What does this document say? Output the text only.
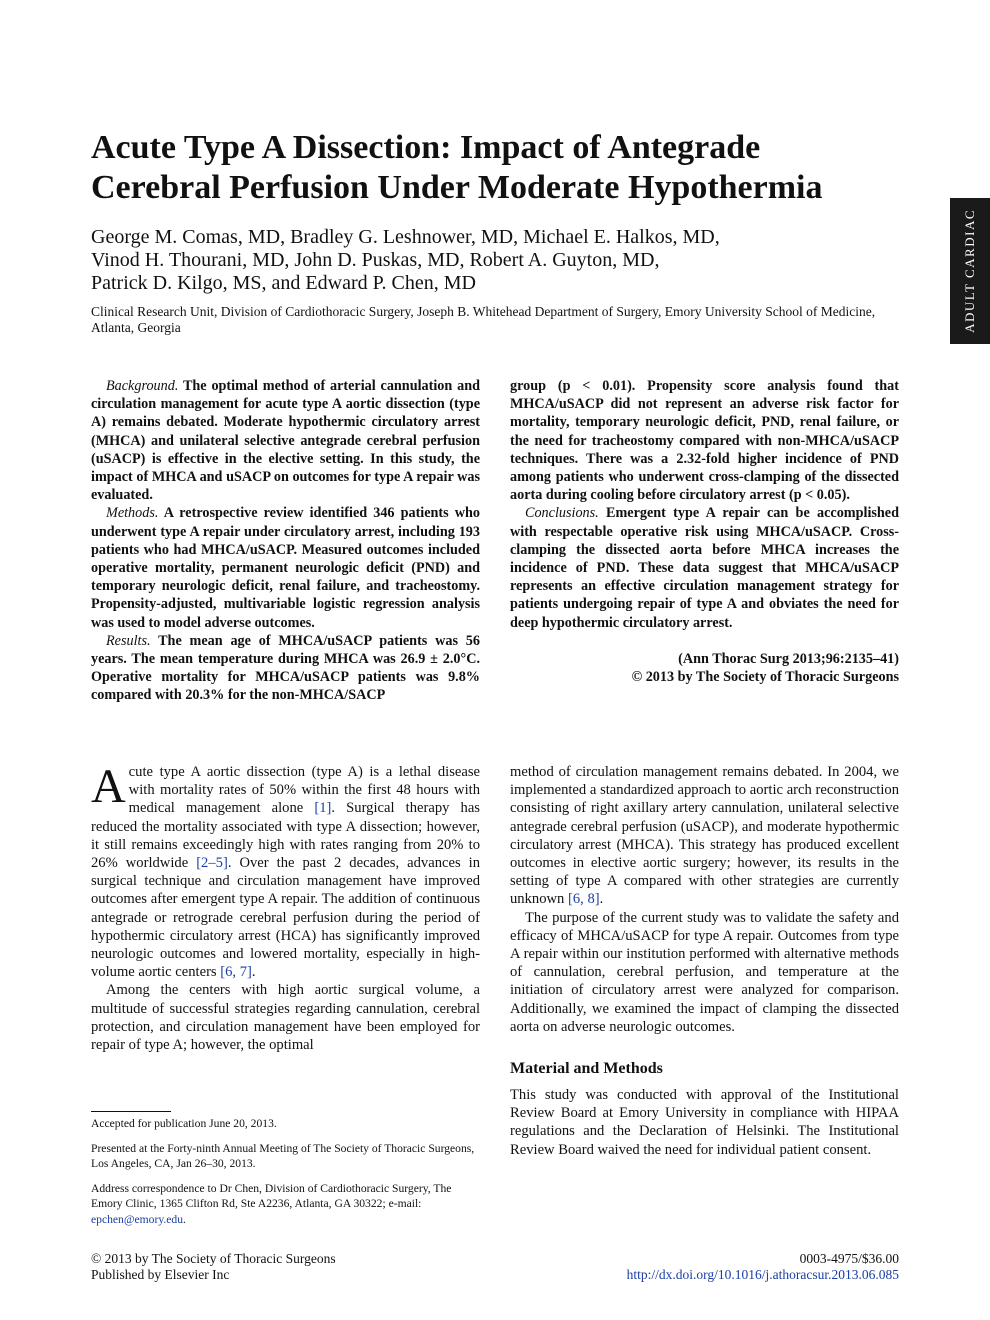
Acute Type A Dissection: Impact of Antegrade Cerebral Perfusion Under Moderate Hypothermia
George M. Comas, MD, Bradley G. Leshnower, MD, Michael E. Halkos, MD,
Vinod H. Thourani, MD, John D. Puskas, MD, Robert A. Guyton, MD,
Patrick D. Kilgo, MS, and Edward P. Chen, MD
Clinical Research Unit, Division of Cardiothoracic Surgery, Joseph B. Whitehead Department of Surgery, Emory University School of Medicine, Atlanta, Georgia	ADULT CARDIAC

Background. The optimal method of arterial cannulation and circulation management for acute type A aortic dissection (type A) remains debated. Moderate hypothermic circulatory arrest (MHCA) and unilateral selective antegrade cerebral perfusion (uSACP) is effective in the elective setting. In this study, the impact of MHCA and uSACP on outcomes for type A repair was evaluated.

Methods. A retrospective review identified 346 patients who underwent type A repair under circulatory arrest, including 193 patients who had MHCA/uSACP. Measured outcomes included operative mortality, permanent neurologic deficit (PND) and temporary neurologic deficit, renal failure, and tracheostomy. Propensity-adjusted, multivariable logistic regression analysis was used to model adverse outcomes.

Results. The mean age of MHCA/uSACP patients was 56 years. The mean temperature during MHCA was 26.9 ± 2.0°C. Operative mortality for MHCA/uSACP patients was 9.8% compared with 20.3% for the non-MHCA/SACP

group (p < 0.01). Propensity score analysis found that MHCA/uSACP did not represent an adverse risk factor for mortality, temporary neurologic deficit, PND, renal failure, or the need for tracheostomy compared with non-MHCA/uSACP techniques. There was a 2.32-fold higher incidence of PND among patients who underwent cross-clamping of the dissected aorta during cooling before circulatory arrest (p < 0.05).

Conclusions. Emergent type A repair can be accomplished with respectable operative risk using MHCA/uSACP. Cross-clamping the dissected aorta before MHCA increases the incidence of PND. These data suggest that MHCA/uSACP represents an effective circulation management strategy for patients undergoing repair of type A and obviates the need for deep hypothermic circulatory arrest.

(Ann Thorac Surg 2013;96:2135–41)
© 2013 by The Society of Thoracic Surgeons

Acute type A aortic dissection (type A) is a lethal disease with mortality rates of 50% within the first 48 hours with medical management alone [1]. Surgical therapy has reduced the mortality associated with type A dissection; however, it still remains exceedingly high with rates ranging from 20% to 26% worldwide [2–5]. Over the past 2 decades, advances in surgical technique and circulation management have improved outcomes after emergent type A repair. The addition of continuous antegrade or retrograde cerebral perfusion during the period of hypothermic circulatory arrest (HCA) has significantly improved neurologic outcomes and lowered mortality, especially in high-volume aortic centers [6, 7].

Among the centers with high aortic surgical volume, a multitude of successful strategies regarding cannulation, cerebral protection, and circulation management have been employed for repair of type A; however, the optimal

method of circulation management remains debated. In 2004, we implemented a standardized approach to aortic arch reconstruction consisting of right axillary artery cannulation, unilateral selective antegrade cerebral perfusion (uSACP), and moderate hypothermic circulatory arrest (MHCA). This strategy has produced excellent outcomes in elective aortic surgery; however, its results in the setting of type A compared with other strategies are currently unknown [6, 8].

The purpose of the current study was to validate the safety and efficacy of MHCA/uSACP for type A repair. Outcomes from type A repair within our institution performed with alternative methods of cannulation, cerebral perfusion, and temperature at the initiation of circulatory arrest were analyzed for comparison. Additionally, we examined the impact of clamping the dissected aorta on adverse neurologic outcomes.

Material and Methods

This study was conducted with approval of the Institutional Review Board at Emory University in compliance with HIPAA regulations and the Declaration of Helsinki. The Institutional Review Board waived the need for individual patient consent.

Accepted for publication June 20, 2013.

Presented at the Forty-ninth Annual Meeting of The Society of Thoracic Surgeons, Los Angeles, CA, Jan 26–30, 2013.

Address correspondence to Dr Chen, Division of Cardiothoracic Surgery, The Emory Clinic, 1365 Clifton Rd, Ste A2236, Atlanta, GA 30322; e-mail: epchen@emory.edu.

© 2013 by The Society of Thoracic Surgeons
Published by Elsevier Inc
0003-4975/$36.00
http://dx.doi.org/10.1016/j.athoracsur.2013.06.085
